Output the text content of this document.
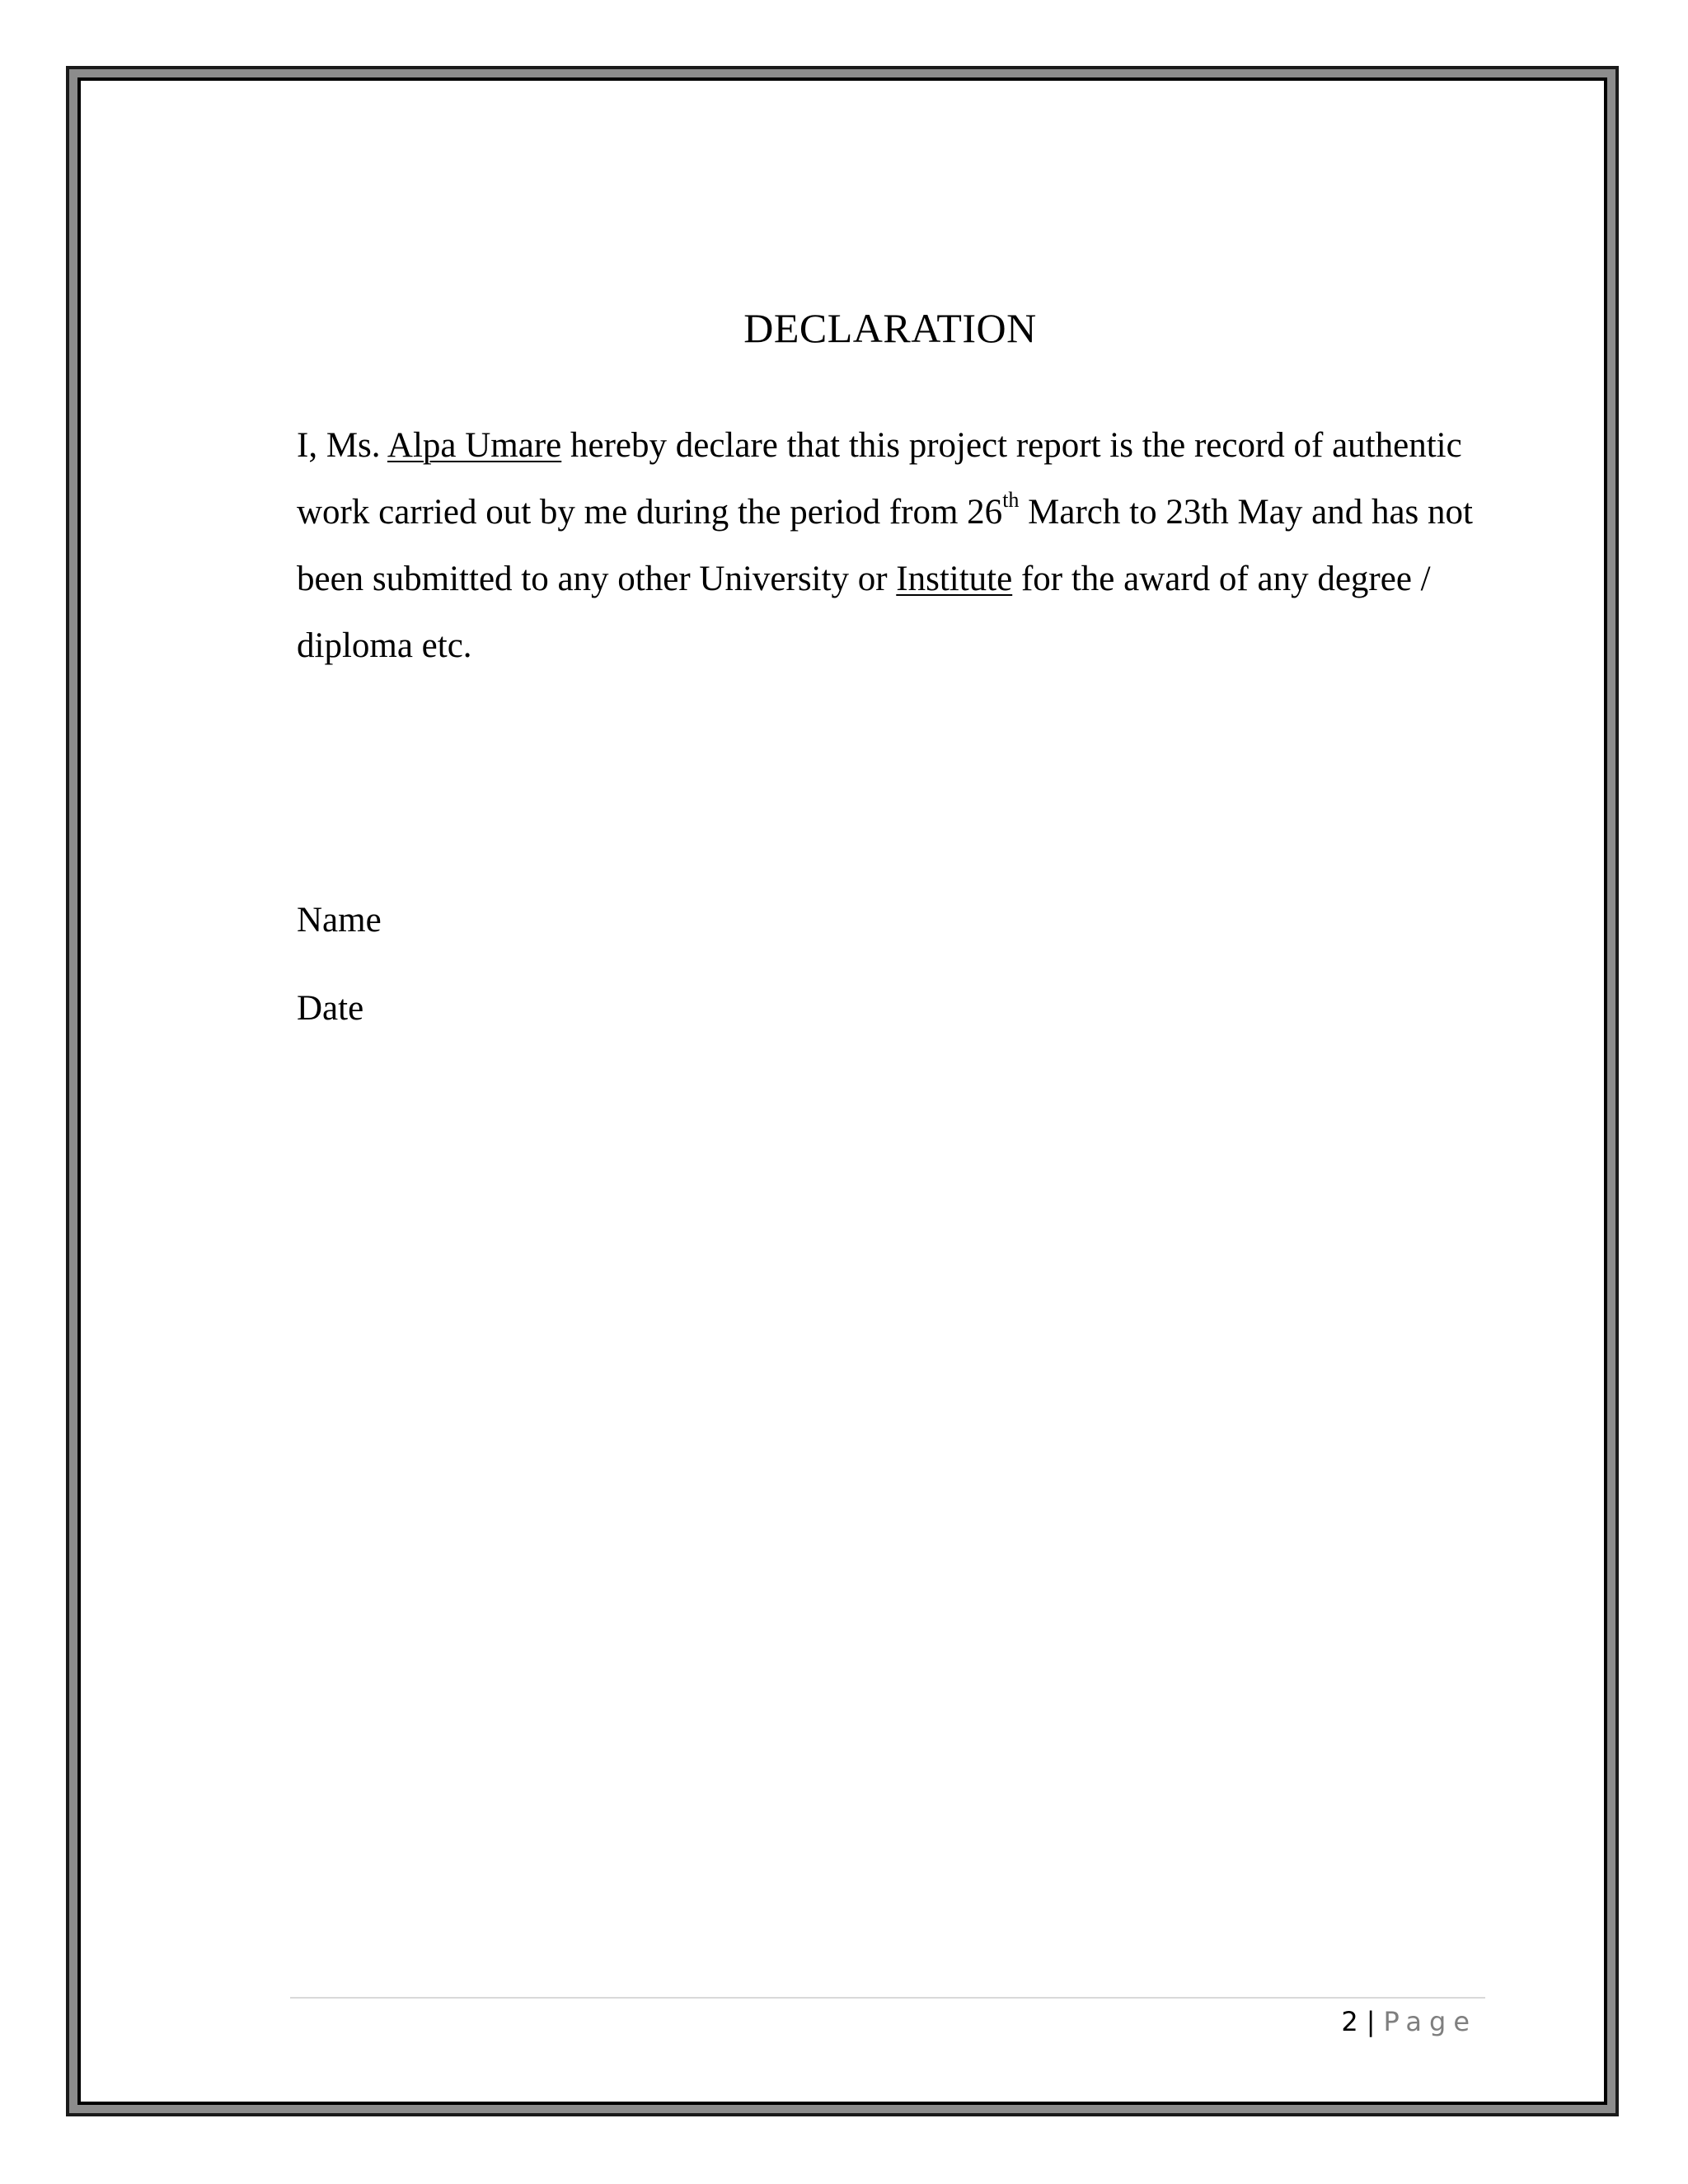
DECLARATION
I, Ms. Alpa Umare hereby declare that this project report is the record of authentic work carried out by me during the period from 26th March to 23th May and has not been submitted to any other University or Institute for the award of any degree / diploma etc.
Name
Date
2 | Page
